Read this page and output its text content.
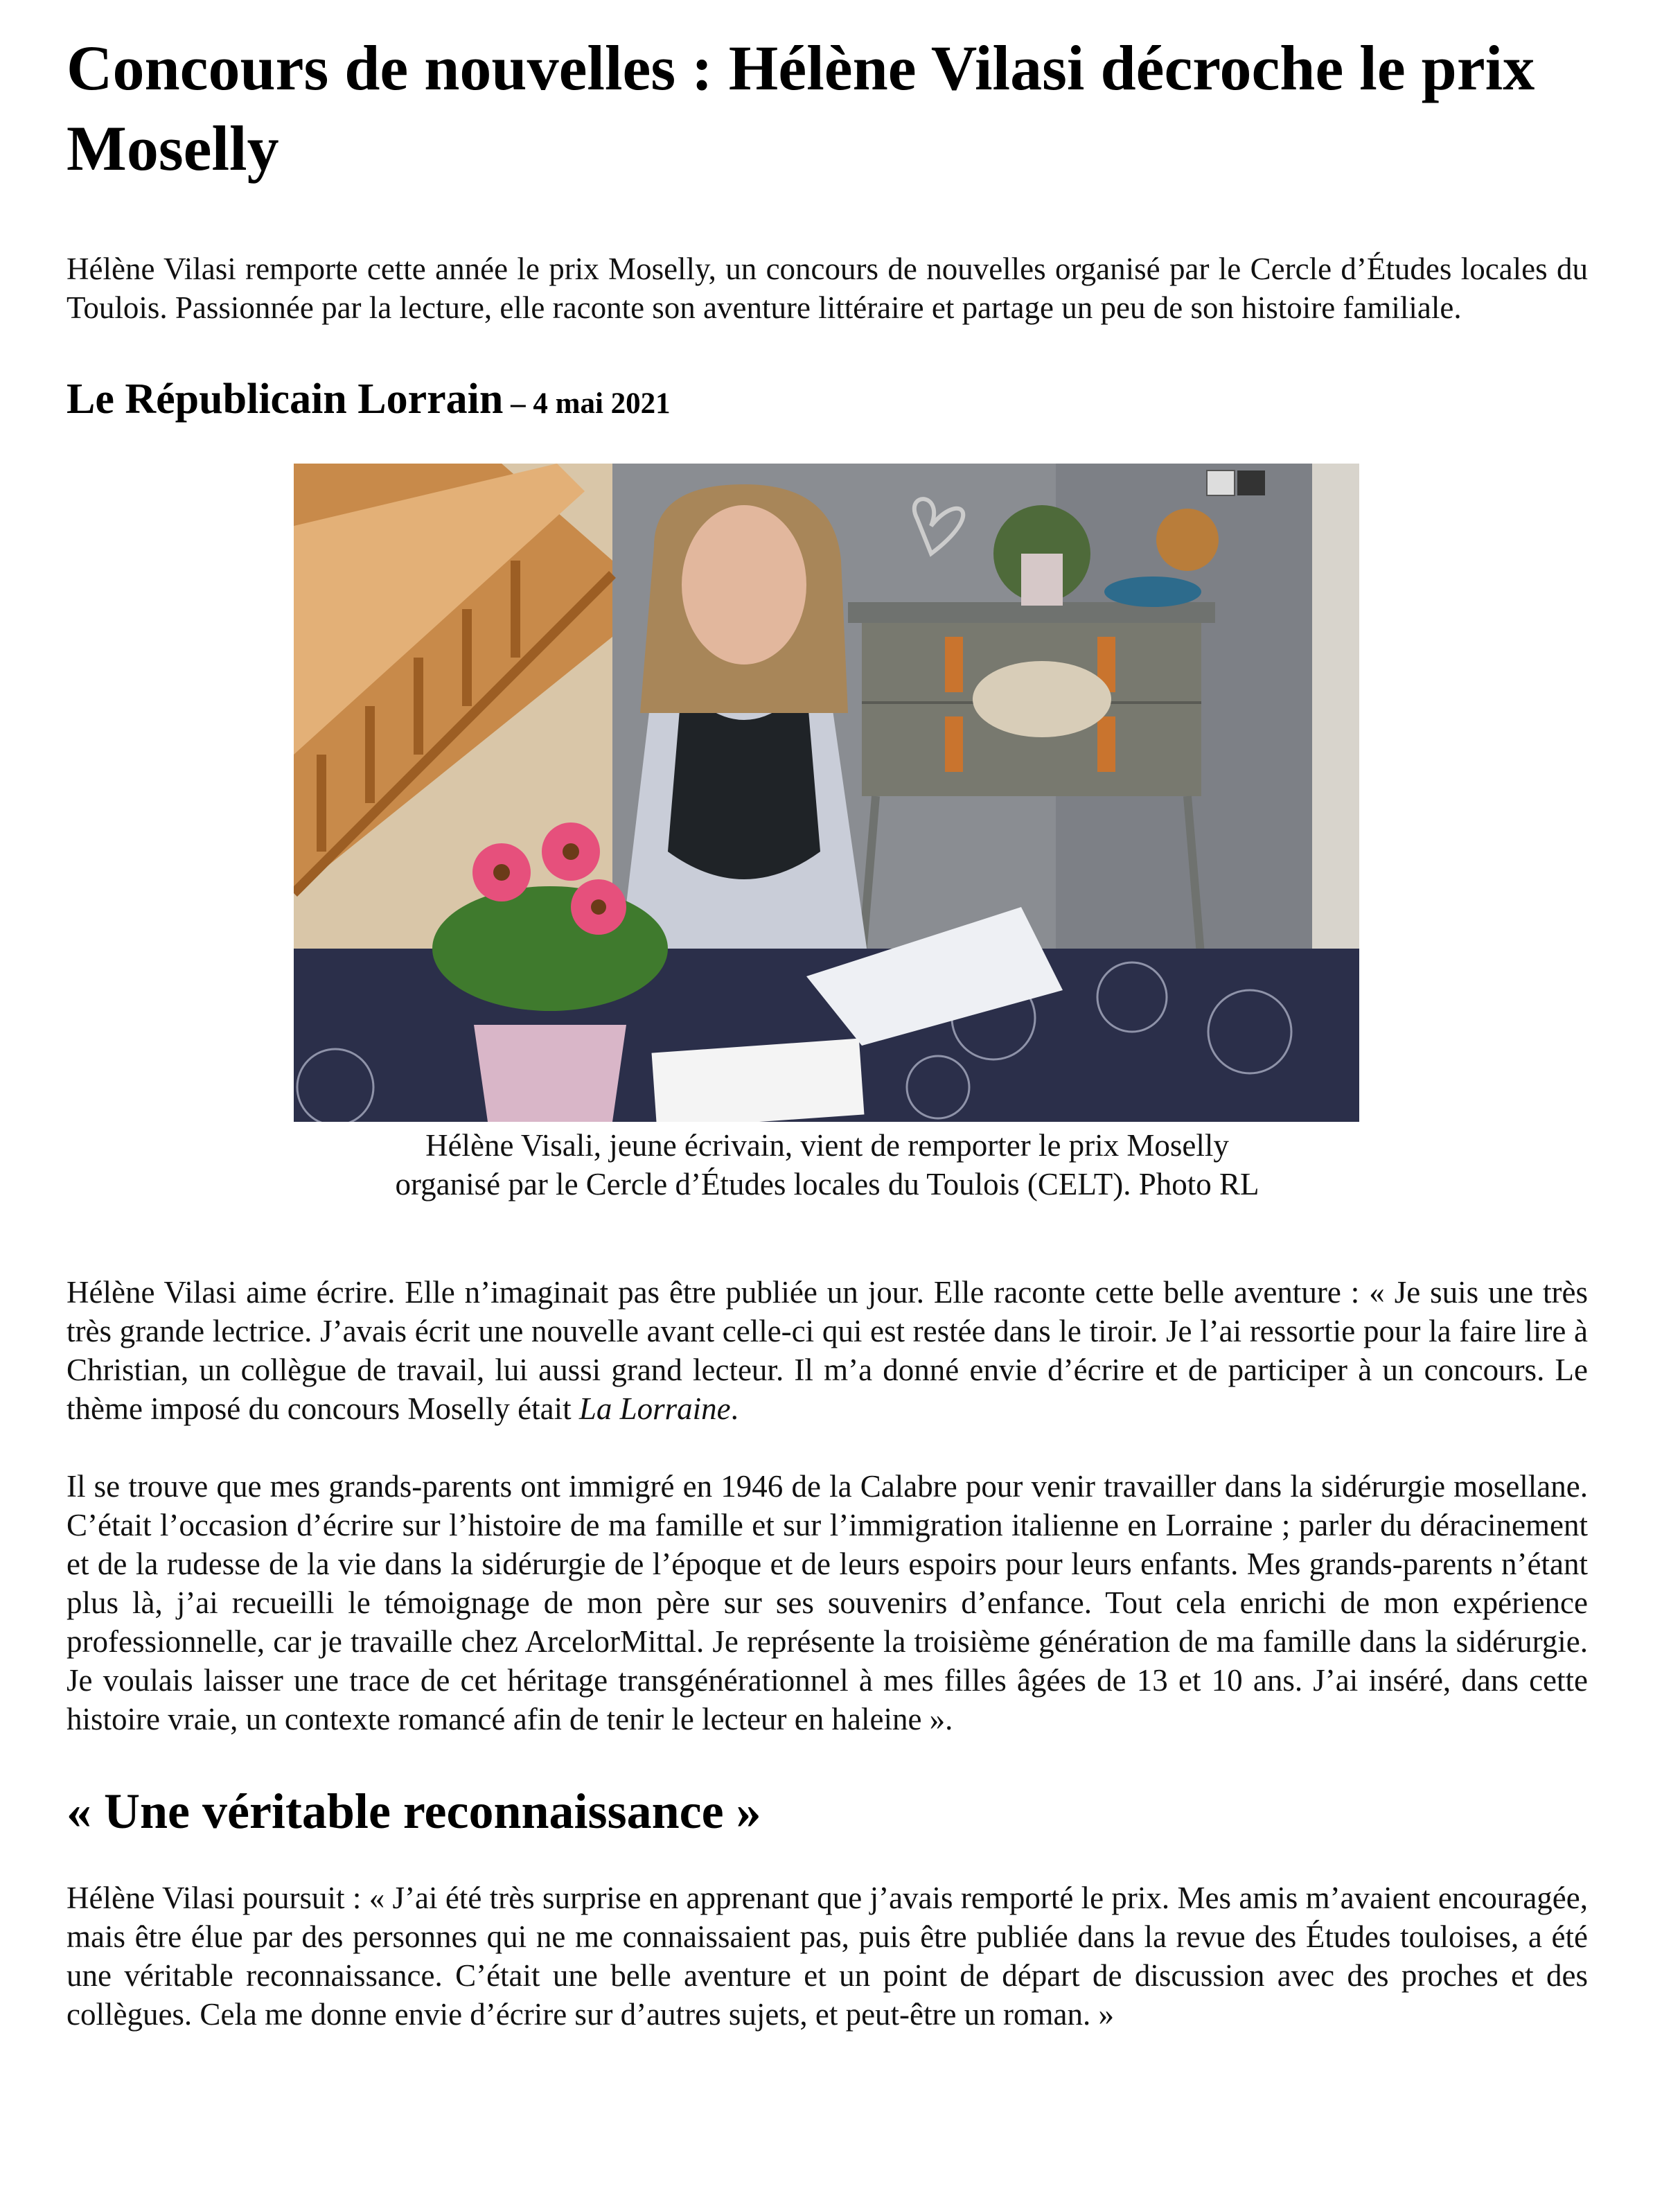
Concours de nouvelles : Hélène Vilasi décroche le prix Moselly

Hélène Vilasi remporte cette année le prix Moselly, un concours de nouvelles organisé par le Cercle d’Études locales du Toulois. Passionnée par la lecture, elle raconte son aventure littéraire et partage un peu de son histoire familiale.

Le Républicain Lorrain – 4 mai 2021
Hélène Visali, jeune écrivain, vient de remporter le prix Moselly
organisé par le Cercle d’Études locales du Toulois (CELT). Photo RL

Hélène Vilasi aime écrire. Elle n’imaginait pas être publiée un jour. Elle raconte cette belle aventure : « Je suis une très très grande lectrice. J’avais écrit une nouvelle avant celle-ci qui est restée dans le tiroir. Je l’ai ressortie pour la faire lire à Christian, un collègue de travail, lui aussi grand lecteur. Il m’a donné envie d’écrire et de participer à un concours. Le thème imposé du concours Moselly était La Lorraine.

Il se trouve que mes grands-parents ont immigré en 1946 de la Calabre pour venir travailler dans la sidérurgie mosellane. C’était l’occasion d’écrire sur l’histoire de ma famille et sur l’immigration italienne en Lorraine ; parler du déracinement et de la rudesse de la vie dans la sidérurgie de l’époque et de leurs espoirs pour leurs enfants. Mes grands-parents n’étant plus là, j’ai recueilli le témoignage de mon père sur ses souvenirs d’enfance. Tout cela enrichi de mon expérience professionnelle, car je travaille chez ArcelorMittal. Je représente la troisième génération de ma famille dans la sidérurgie. Je voulais laisser une trace de cet héritage transgénérationnel à mes filles âgées de 13 et 10 ans. J’ai inséré, dans cette histoire vraie, un contexte romancé afin de tenir le lecteur en haleine ».

« Une véritable reconnaissance »

Hélène Vilasi poursuit : « J’ai été très surprise en apprenant que j’avais remporté le prix. Mes amis m’avaient encouragée, mais être élue par des personnes qui ne me connaissaient pas, puis être publiée dans la revue des Études touloises, a été une véritable reconnaissance. C’était une belle aventure et un point de départ de discussion avec des proches et des collègues. Cela me donne envie d’écrire sur d’autres sujets, et peut-être un roman. »
